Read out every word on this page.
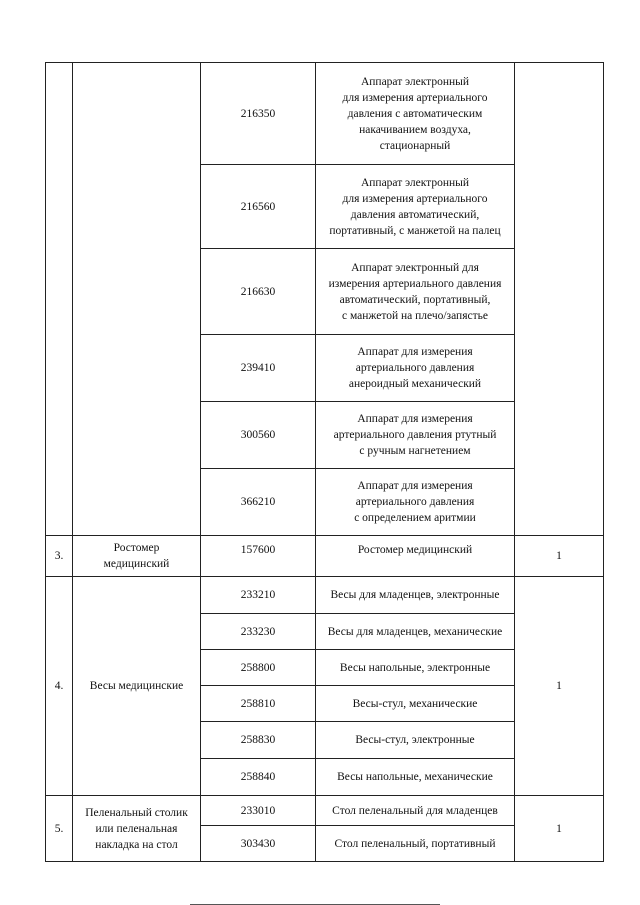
		216350	Аппарат электронный
для измерения артериального
давления с автоматическим
накачиванием воздуха,
стационарный	
		216560	Аппарат электронный
для измерения артериального
давления автоматический,
портативный, с манжетой на палец	
		216630	Аппарат электронный для
измерения артериального давления
автоматический, портативный,
с манжетой на плечо/запястье	
		239410	Аппарат для измерения
артериального давления
анероидный механический	
		300560	Аппарат для измерения
артериального давления ртутный
с ручным нагнетением	
		366210	Аппарат для измерения
артериального давления
с определением аритмии	
3.	Ростомер
медицинский	157600	Ростомер медицинский	1
4.	Весы медицинские	233210	Весы для младенцев, электронные	1
		233230	Весы для младенцев, механические	
		258800	Весы напольные, электронные	
		258810	Весы-стул, механические	
		258830	Весы-стул, электронные	
		258840	Весы напольные, механические	
5.	Пеленальный столик
или пеленальная
накладка на стол	233010	Стол пеленальный для младенцев	1
		303430	Стол пеленальный, портативный	
